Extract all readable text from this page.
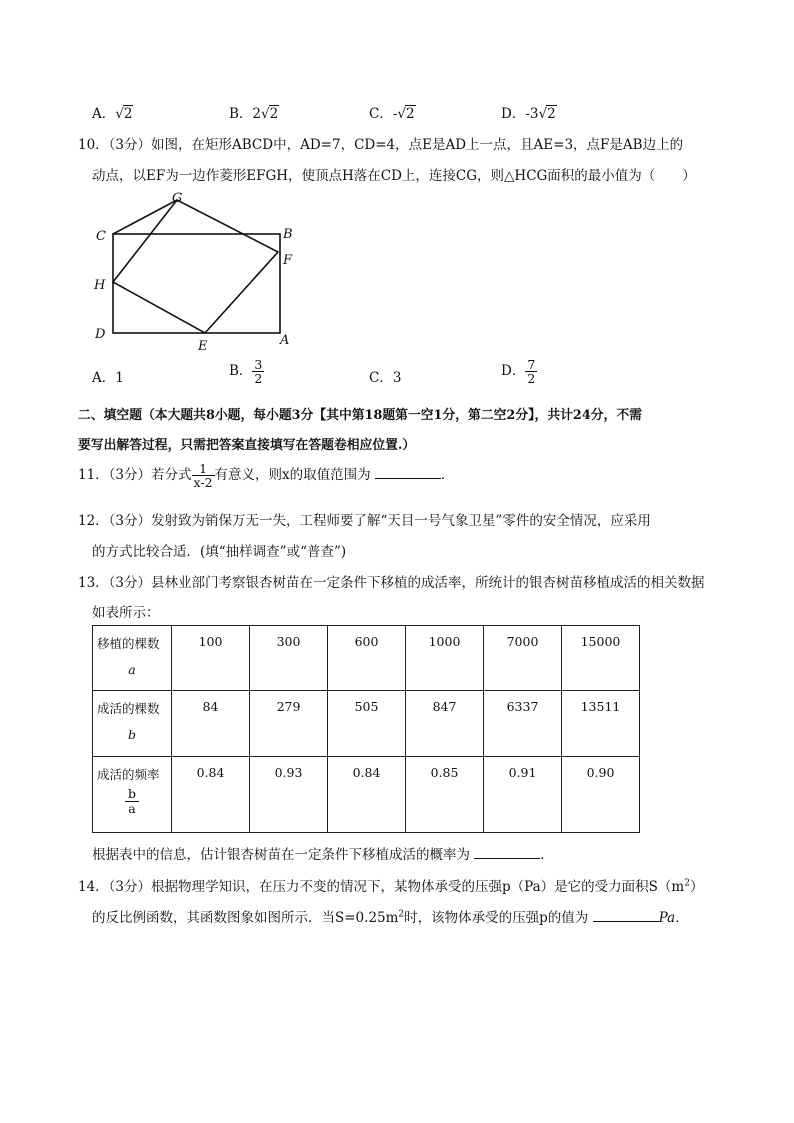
A．√2	B．2√2	C．-√2	D．-3√2
10．（3分）如图，在矩形ABCD中，AD=7，CD=4，点E是AD上一点，且AE=3，点F是AB边上的
动点，以EF为一边作菱形EFGH，使顶点H落在CD上，连接CG，则△HCG面积的最小值为（　　）
G
C	B
F
H
D
E	A
A．1	B． $\frac{3}{2}$	C．3	D． $\frac{7}{2}$
二、填空题（本大题共8小题，每小题3分【其中第18题第一空1分，第二空2分】，共计24分，不需
要写出解答过程，只需把答案直接填写在答题卷相应位置.）
11．（3分）若分式 $\frac{1}{x-2}$ 有意义，则x的取值范围为	．
12．（3分）发射致为销保万无一失，工程师要了解“天目一号气象卫星”零件的安全情况，应采用
的方式比较合适．(填“抽样调查”或“普查”)
13．（3分）县林业部门考察银杏树苗在一定条件下移植的成活率，所统计的银杏树苗移植成活的相关数据
如表所示：
移植的棵数
a	100	300	600	1000	7000	15000
成活的棵数
b	84	279	505	847	6337	13511
成活的频率
$\frac{b}{a}$	0.84	0.93	0.84	0.85	0.91	0.90
根据表中的信息，估计银杏树苗在一定条件下移植成活的概率为	．
14．（3分）根据物理学知识，在压力不变的情况下，某物体承受的压强p（Pa）是它的受力面积$S(m^2)$
的反比例函数，其函数图象如图所示．当$S=0.25m^2$时，该物体承受的压强p的值为	Pa．
